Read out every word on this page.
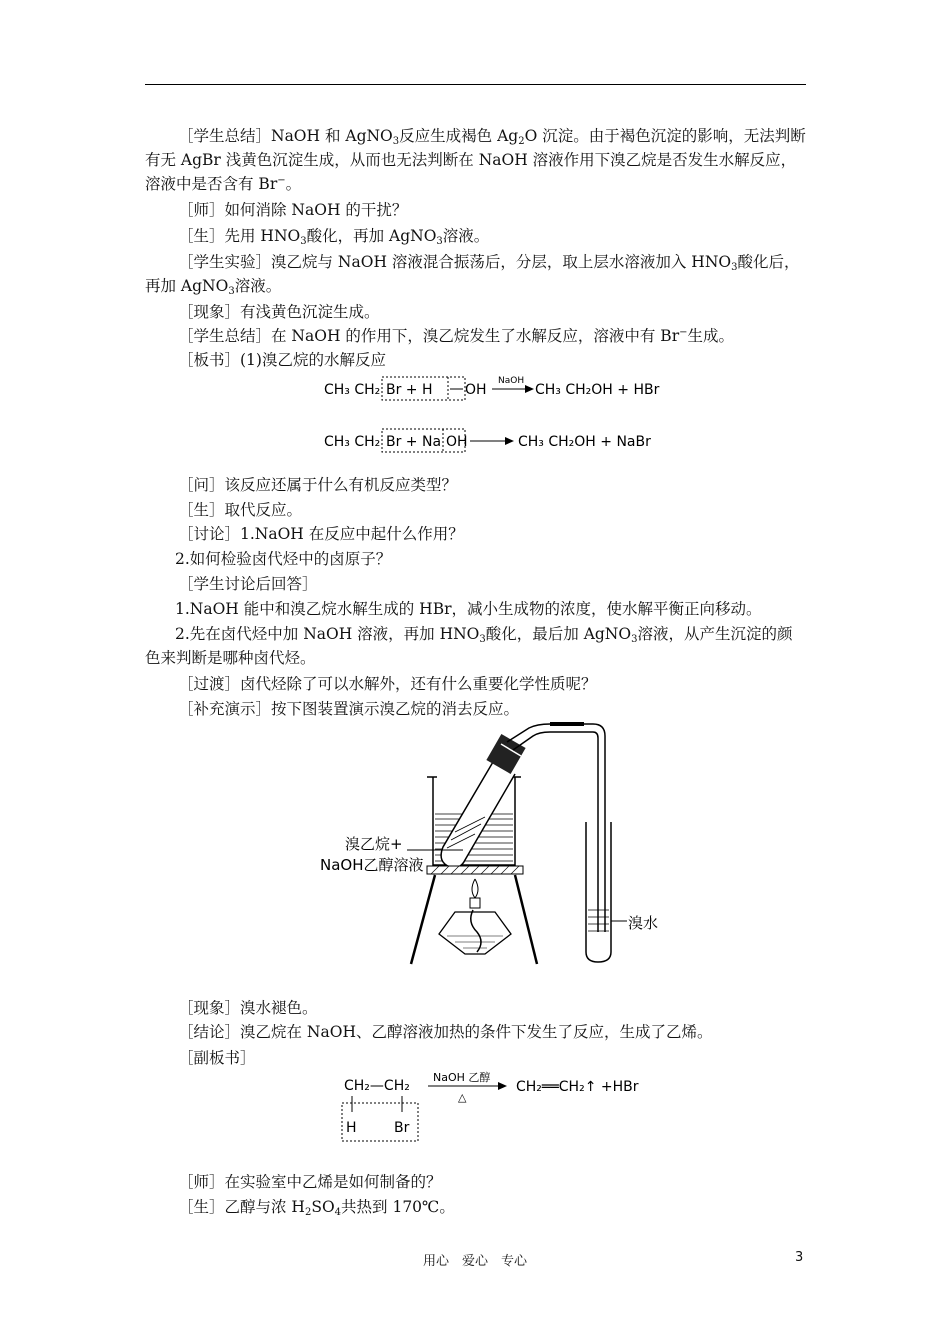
［学生总结］NaOH 和 AgNO$_3$反应生成褐色 $Ag_2O$ 沉淀。由于褐色沉淀的影响，无法判断
有无 AgBr 浅黄色沉淀生成，从而也无法判断在 NaOH 溶液作用下溴乙烷是否发生水解反应，
溶液中是否含有 Br−。
［师］如何消除 NaOH 的干扰？
［生］先用 $HNO_3$酸化，再加 AgNO$_3$溶液。
［学生实验］溴乙烷与 NaOH 溶液混合振荡后，分层，取上层水溶液加入 $HNO_3$酸化后，
再加 AgNO$_3$溶液。
［现象］有浅黄色沉淀生成。
［学生总结］在 NaOH 的作用下，溴乙烷发生了水解反应，溶液中有 Br−生成。
［板书］(1)溴乙烷的水解反应
CH₃ CH₂ Br + H OH
NaOH
CH₃ CH₂OH + HBr
CH₃ CH₂ Br + Na OH	CH₃ CH₂OH + NaBr
［问］该反应还属于什么有机反应类型？
［生］取代反应。
［讨论］1.NaOH 在反应中起什么作用？
2.如何检验卤代烃中的卤原子？
［学生讨论后回答］
1.NaOH 能中和溴乙烷水解生成的 HBr，减小生成物的浓度，使水解平衡正向移动。
2.先在卤代烃中加 NaOH 溶液，再加 $HNO_3$酸化，最后加 AgNO$_3$溶液，从产生沉淀的颜
色来判断是哪种卤代烃。
［过渡］卤代烃除了可以水解外，还有什么重要化学性质呢？
［补充演示］按下图装置演示溴乙烷的消去反应。
溴水
溴乙烷+
NaOH乙醇溶液
［现象］溴水褪色。
［结论］溴乙烷在 NaOH、乙醇溶液加热的条件下发生了反应，生成了乙烯。
［副板书］
CH₂—CH₂
H	Br
NaOH 乙醇
△
CH₂══CH₂↑ +HBr
［师］在实验室中乙烯是如何制备的？
［生］乙醇与浓 $H_2SO_4$共热到 170℃。
用心　爱心　专心	3
